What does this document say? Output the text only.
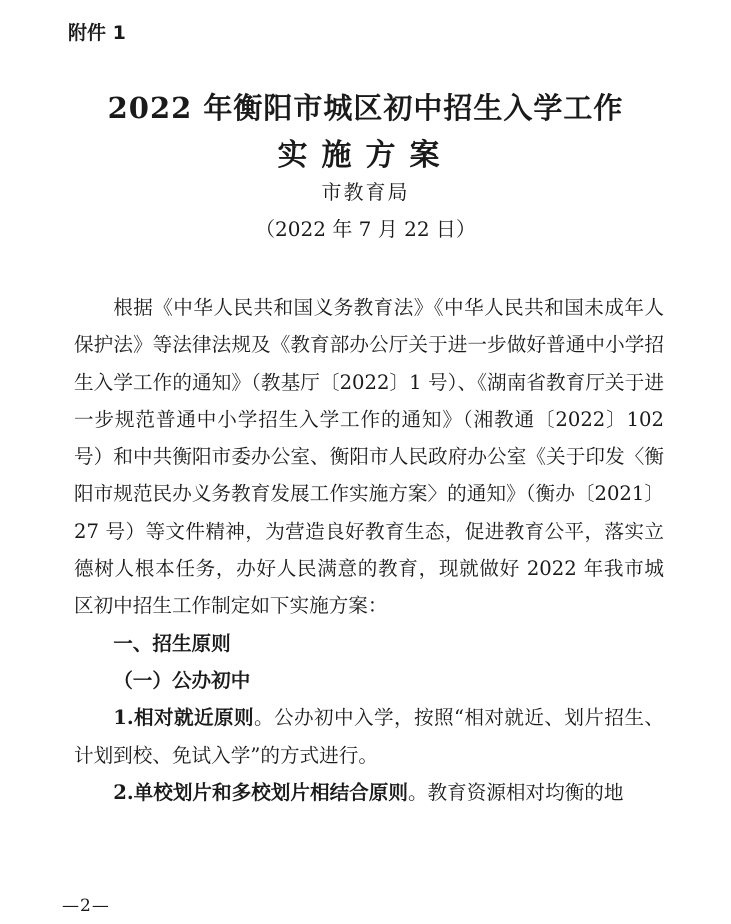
附件 1
2022 年衡阳市城区初中招生入学工作
实施方案
市教育局
（2022 年 7 月 22 日）

根据《中华人民共和国义务教育法》《中华人民共和国未成年人保护法》等法律法规及《教育部办公厅关于进一步做好普通中小学招生入学工作的通知》（教基厅〔2022〕1 号）、《湖南省教育厅关于进一步规范普通中小学招生入学工作的通知》（湘教通〔2022〕102 号）和中共衡阳市委办公室、衡阳市人民政府办公室《关于印发〈衡阳市规范民办义务教育发展工作实施方案〉的通知》（衡办〔2021〕27 号）等文件精神，为营造良好教育生态，促进教育公平，落实立德树人根本任务，办好人民满意的教育，现就做好 2022 年我市城区初中招生工作制定如下实施方案：

一、招生原则

（一）公办初中

1.相对就近原则。公办初中入学，按照“相对就近、划片招生、计划到校、免试入学”的方式进行。

2.单校划片和多校划片相结合原则。教育资源相对均衡的地

—2—
